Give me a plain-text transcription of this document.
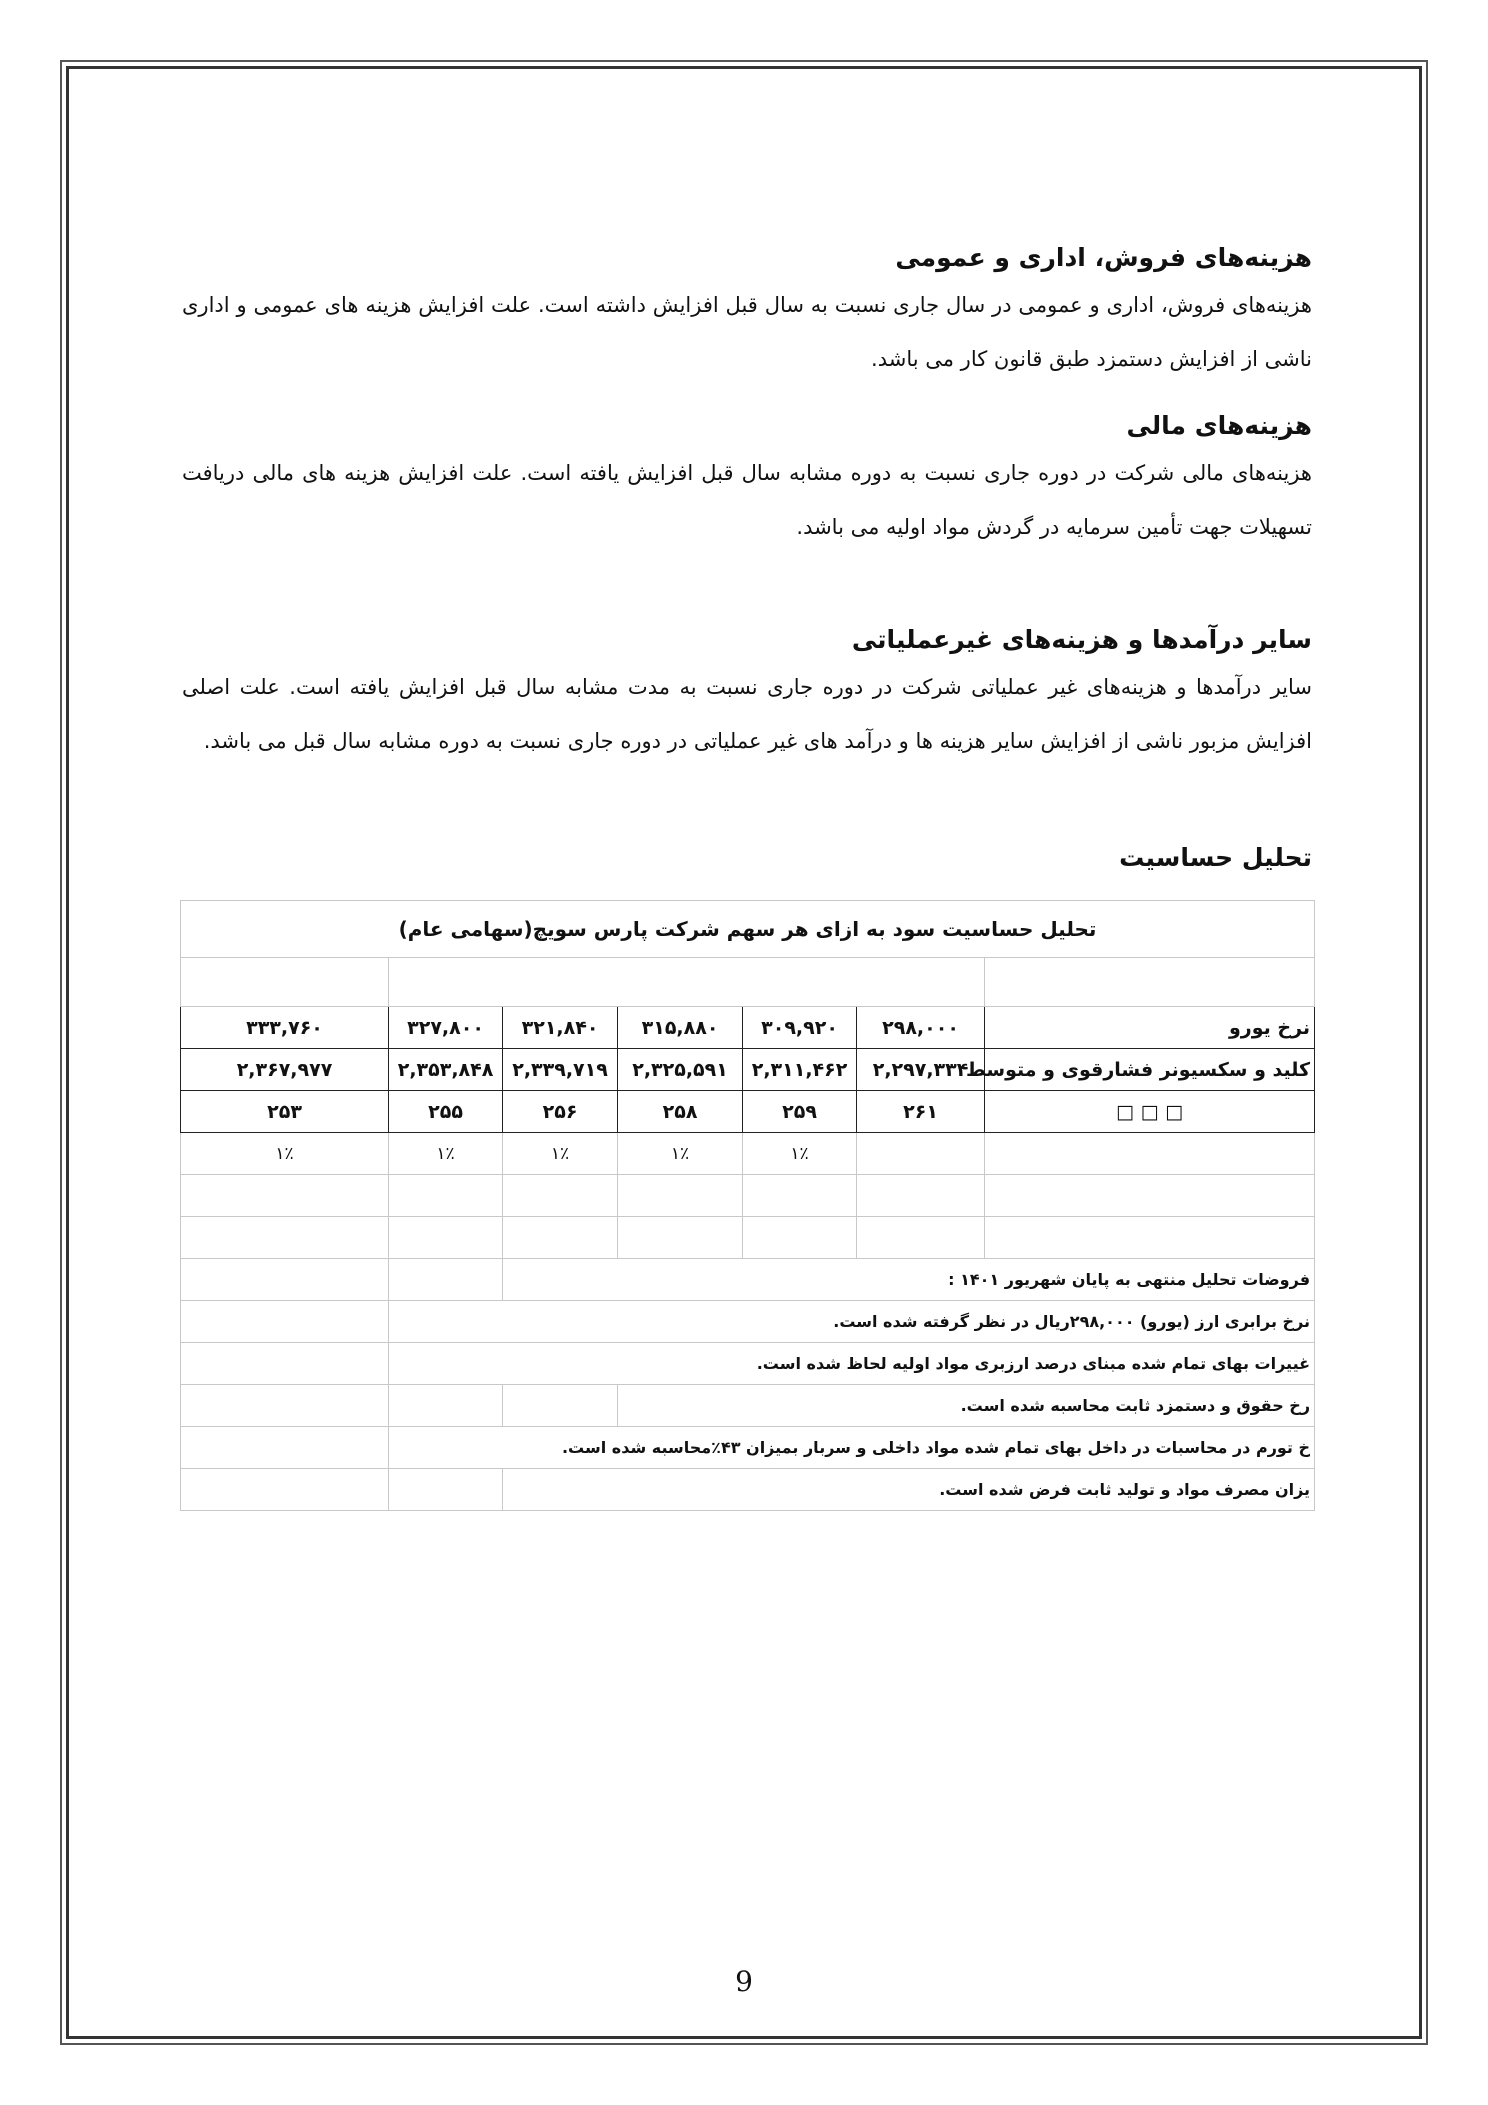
هزینه‌های فروش، اداری و عمومی

هزینه‌های فروش، اداری و عمومی در سال جاری نسبت به سال قبل افزایش داشته است. علت افزایش هزینه های عمومی و اداری ناشی از افزایش دستمزد طبق قانون کار می باشد.

هزینه‌های مالی

هزینه‌های مالی شرکت در دوره جاری نسبت به دوره مشابه سال قبل افزایش یافته است. علت افزایش هزینه های مالی دریافت تسهیلات جهت تأمین سرمایه در گردش مواد اولیه می باشد.

سایر درآمدها و هزینه‌های غیرعملیاتی

سایر درآمدها و هزینه‌های غیر عملیاتی شرکت در دوره جاری نسبت به مدت مشابه سال قبل افزایش یافته است. علت اصلی افزایش مزبور ناشی از افزایش سایر هزینه ها و درآمد های غیر عملیاتی در دوره جاری نسبت به دوره مشابه سال قبل می باشد.

تحلیل حساسیت
تحلیل حساسیت سود به ازای هر سهم شرکت پارس سویچ(سهامی عام)						

نرخ یورو	۲۹۸,۰۰۰	۳۰۹,۹۲۰	۳۱۵,۸۸۰	۳۲۱,۸۴۰	۳۲۷,۸۰۰	۳۳۳,۷۶۰
کلید و سکسیونر فشارقوی و متوسط	۲,۲۹۷,۳۳۴	۲,۳۱۱,۴۶۲	۲,۳۲۵,۵۹۱	۲,۳۳۹,۷۱۹	۲,۳۵۳,۸۴۸	۲,۳۶۷,۹۷۷
□ □ □	۲۶۱	۲۵۹	۲۵۸	۲۵۶	۲۵۵	۲۵۳
		۱٪	۱٪	۱٪	۱٪	۱٪

فروضات تحلیل منتهی به پایان شهریور ۱۴۰۱ :						
نرخ برابری ارز (یورو) ۲۹۸,۰۰۰ریال در نظر گرفته شده است.						
غییرات بهای تمام شده مبنای درصد ارزبری مواد اولیه لحاظ شده است.						
رخ حقوق و دستمزد ثابت محاسبه شده است.						
خ تورم در محاسبات در داخل بهای تمام شده مواد داخلی و سربار بمیزان ۴۳٪محاسبه شده است.						
یزان مصرف مواد و تولید ثابت فرض شده است.						
9
